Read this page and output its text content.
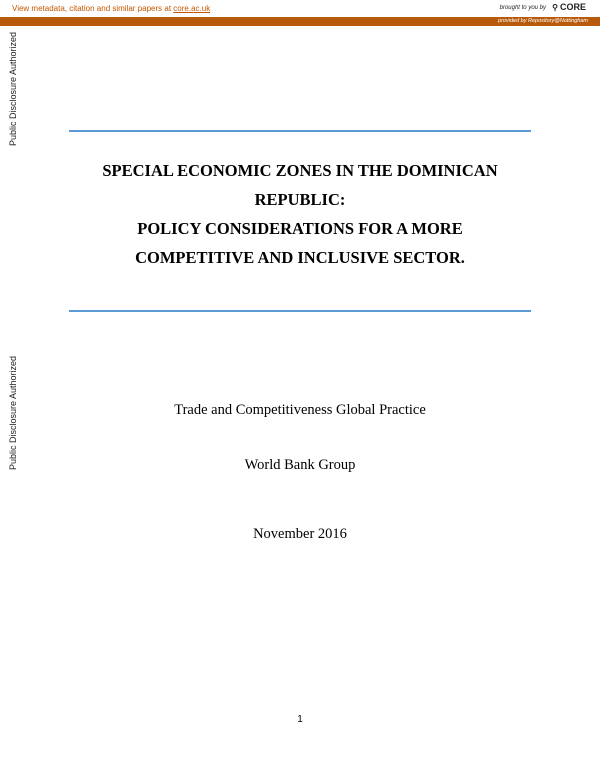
View metadata, citation and similar papers at core.ac.uk	brought to you by ⚲ CORE
provided by Repository@Nottingham
Public Disclosure Authorized
Public Disclosure Authorized
SPECIAL ECONOMIC ZONES IN THE DOMINICAN
REPUBLIC:
POLICY CONSIDERATIONS FOR A MORE
COMPETITIVE AND INCLUSIVE SECTOR.
Trade and Competitiveness Global Practice
World Bank Group
November 2016
1
